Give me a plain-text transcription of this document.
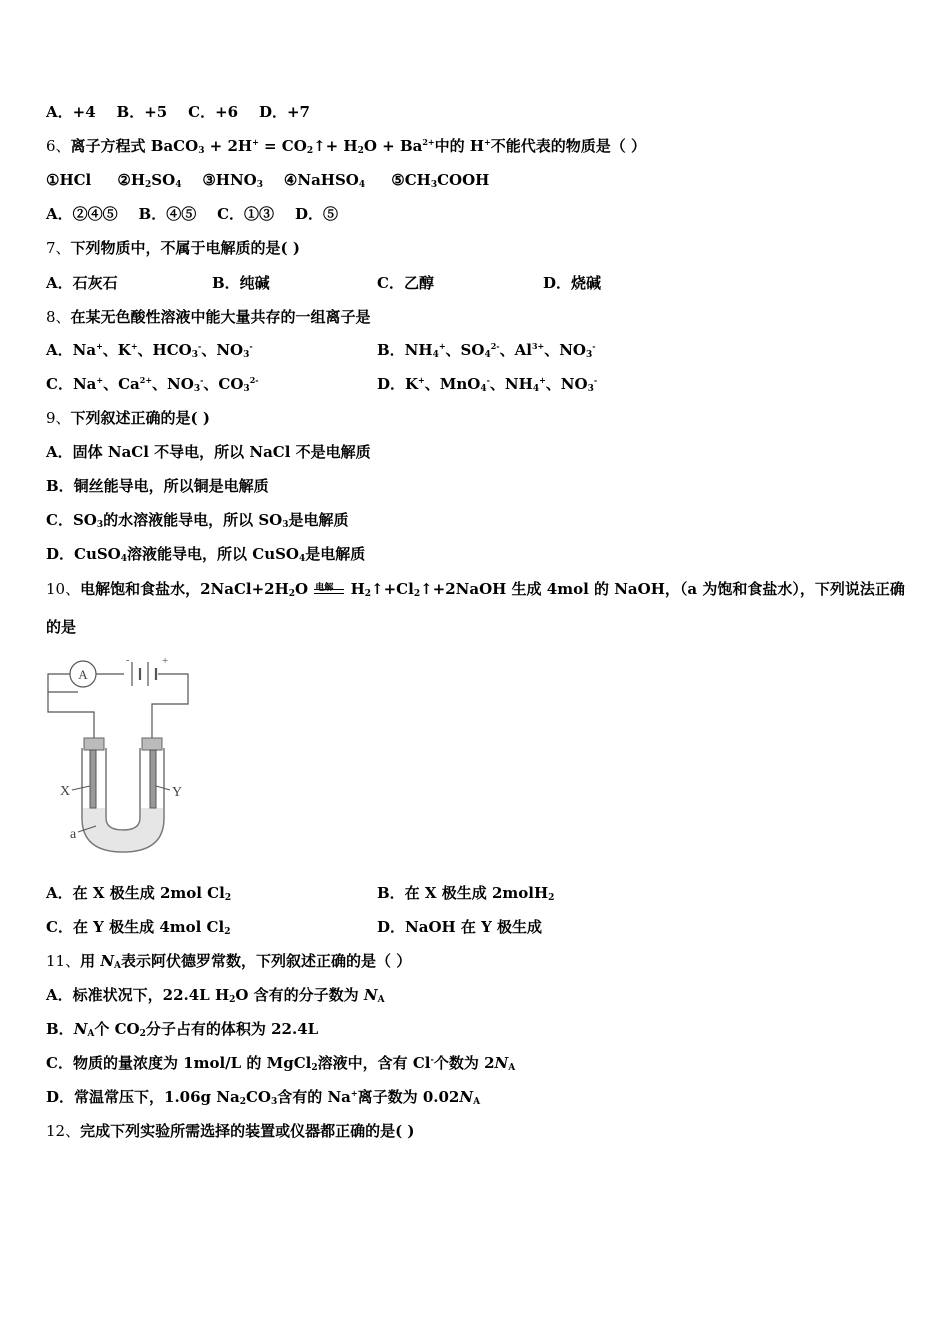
A．+4 B．+5 C．+6 D．+7
6、离子方程式 BaCO$_3$ + $2H^+ = CO_2↑+ H_2O + Ba^{2+}$中的 H+不能代表的物质是（ ）
①HCl $②H_2SO_4$ $③HNO_3$ ④NaHSO$_4$ $⑤CH_3COOH$
A．②④⑤ B．④⑤ C．①③ D．⑤
7、下列物质中，不属于电解质的是( )
A．石灰石	B．纯碱	C．乙醇	D．烧碱
8、在某无色酸性溶液中能大量共存的一组离子是
A．Na+、K+、$HCO_3^-$、$NO_3^-$	B．$NH_4^+$、$SO_4^{2-}$、$Al^{3+}$、$NO_3^-$
C．Na+、$Ca^{2+}$、$NO_3^-$、$CO_3^{2-}$	D．K+、MnO$_4$-、$NH_4^+$、$NO_3^-$
9、下列叙述正确的是( )
A．固体 NaCl 不导电，所以 NaCl 不是电解质
B．铜丝能导电，所以铜是电解质
C．$SO_3$的水溶液能导电，所以 $SO_3$是电解质
D．CuSO$_4$溶液能导电，所以 CuSO$_4$是电解质
10、电解饱和食盐水，$2NaCl+2H_2O$ 电解 $H_2↑+Cl_2↑+2NaOH$ 生成 4mol 的 NaOH，（a 为饱和食盐水），下列说法正确
的是
A
-	+
X	Y
a
A．在 X 极生成 2mol $Cl_2$	B．在 X 极生成 2molH$_2$
C．在 Y 极生成 4mol $Cl_2$	D．NaOH 在 Y 极生成
11、用 $N_A$表示阿伏德罗常数，下列叙述正确的是（ ）
A．标准状况下，22.4L $H_2O$ 含有的分子数为 $N_A$
B．$N_A$个 $CO_2$分子占有的体积为 22.4L
C．物质的量浓度为 1mol/L 的 MgCl$_2$溶液中，含有 Cl-个数为 $2N_A$
D．常温常压下，1.06g $Na_2CO_3$含有的 Na+离子数为 $0.02N_A$
12、完成下列实验所需选择的装置或仪器都正确的是( )
